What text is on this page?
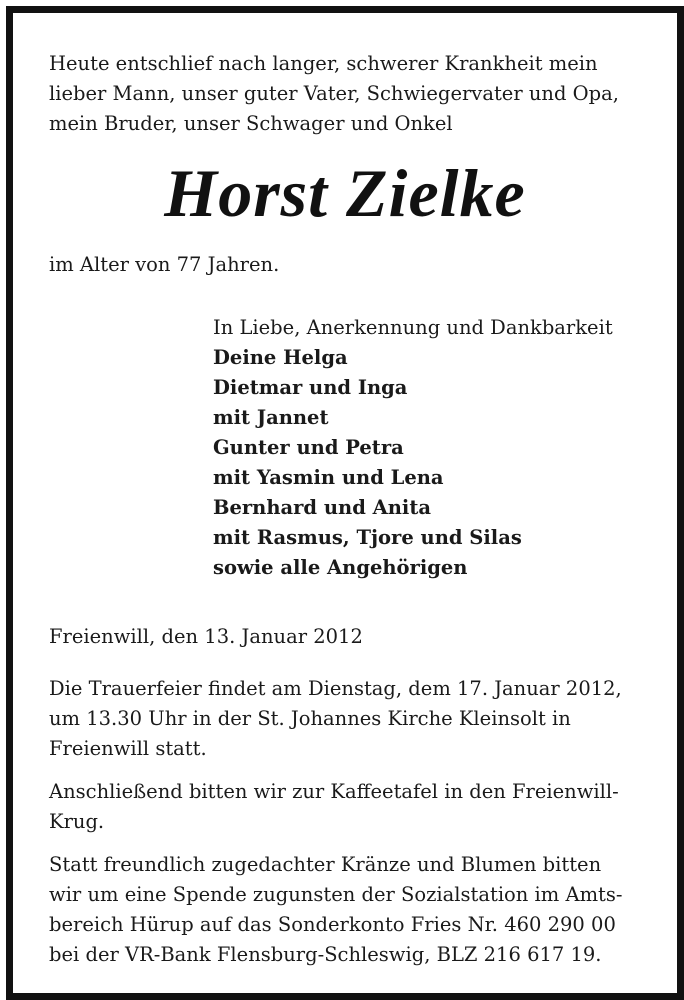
Heute entschlief nach langer, schwerer Krankheit mein
lieber Mann, unser guter Vater, Schwiegervater und Opa,
mein Bruder, unser Schwager und Onkel
Horst Zielke

im Alter von 77 Jahren.

In Liebe, Anerkennung und Dankbarkeit
Deine Helga
Dietmar und Inga
mit Jannet
Gunter und Petra
mit Yasmin und Lena
Bernhard und Anita
mit Rasmus, Tjore und Silas
sowie alle Angehörigen

Freienwill, den 13. Januar 2012

Die Trauerfeier findet am Dienstag, dem 17. Januar 2012,
um 13.30 Uhr in der St. Johannes Kirche Kleinsolt in
Freienwill statt.
Anschließend bitten wir zur Kaffeetafel in den Freienwill-
Krug.
Statt freundlich zugedachter Kränze und Blumen bitten
wir um eine Spende zugunsten der Sozialstation im Amts-
bereich Hürup auf das Sonderkonto Fries Nr. 460 290 00
bei der VR-Bank Flensburg-Schleswig, BLZ 216 617 19.
